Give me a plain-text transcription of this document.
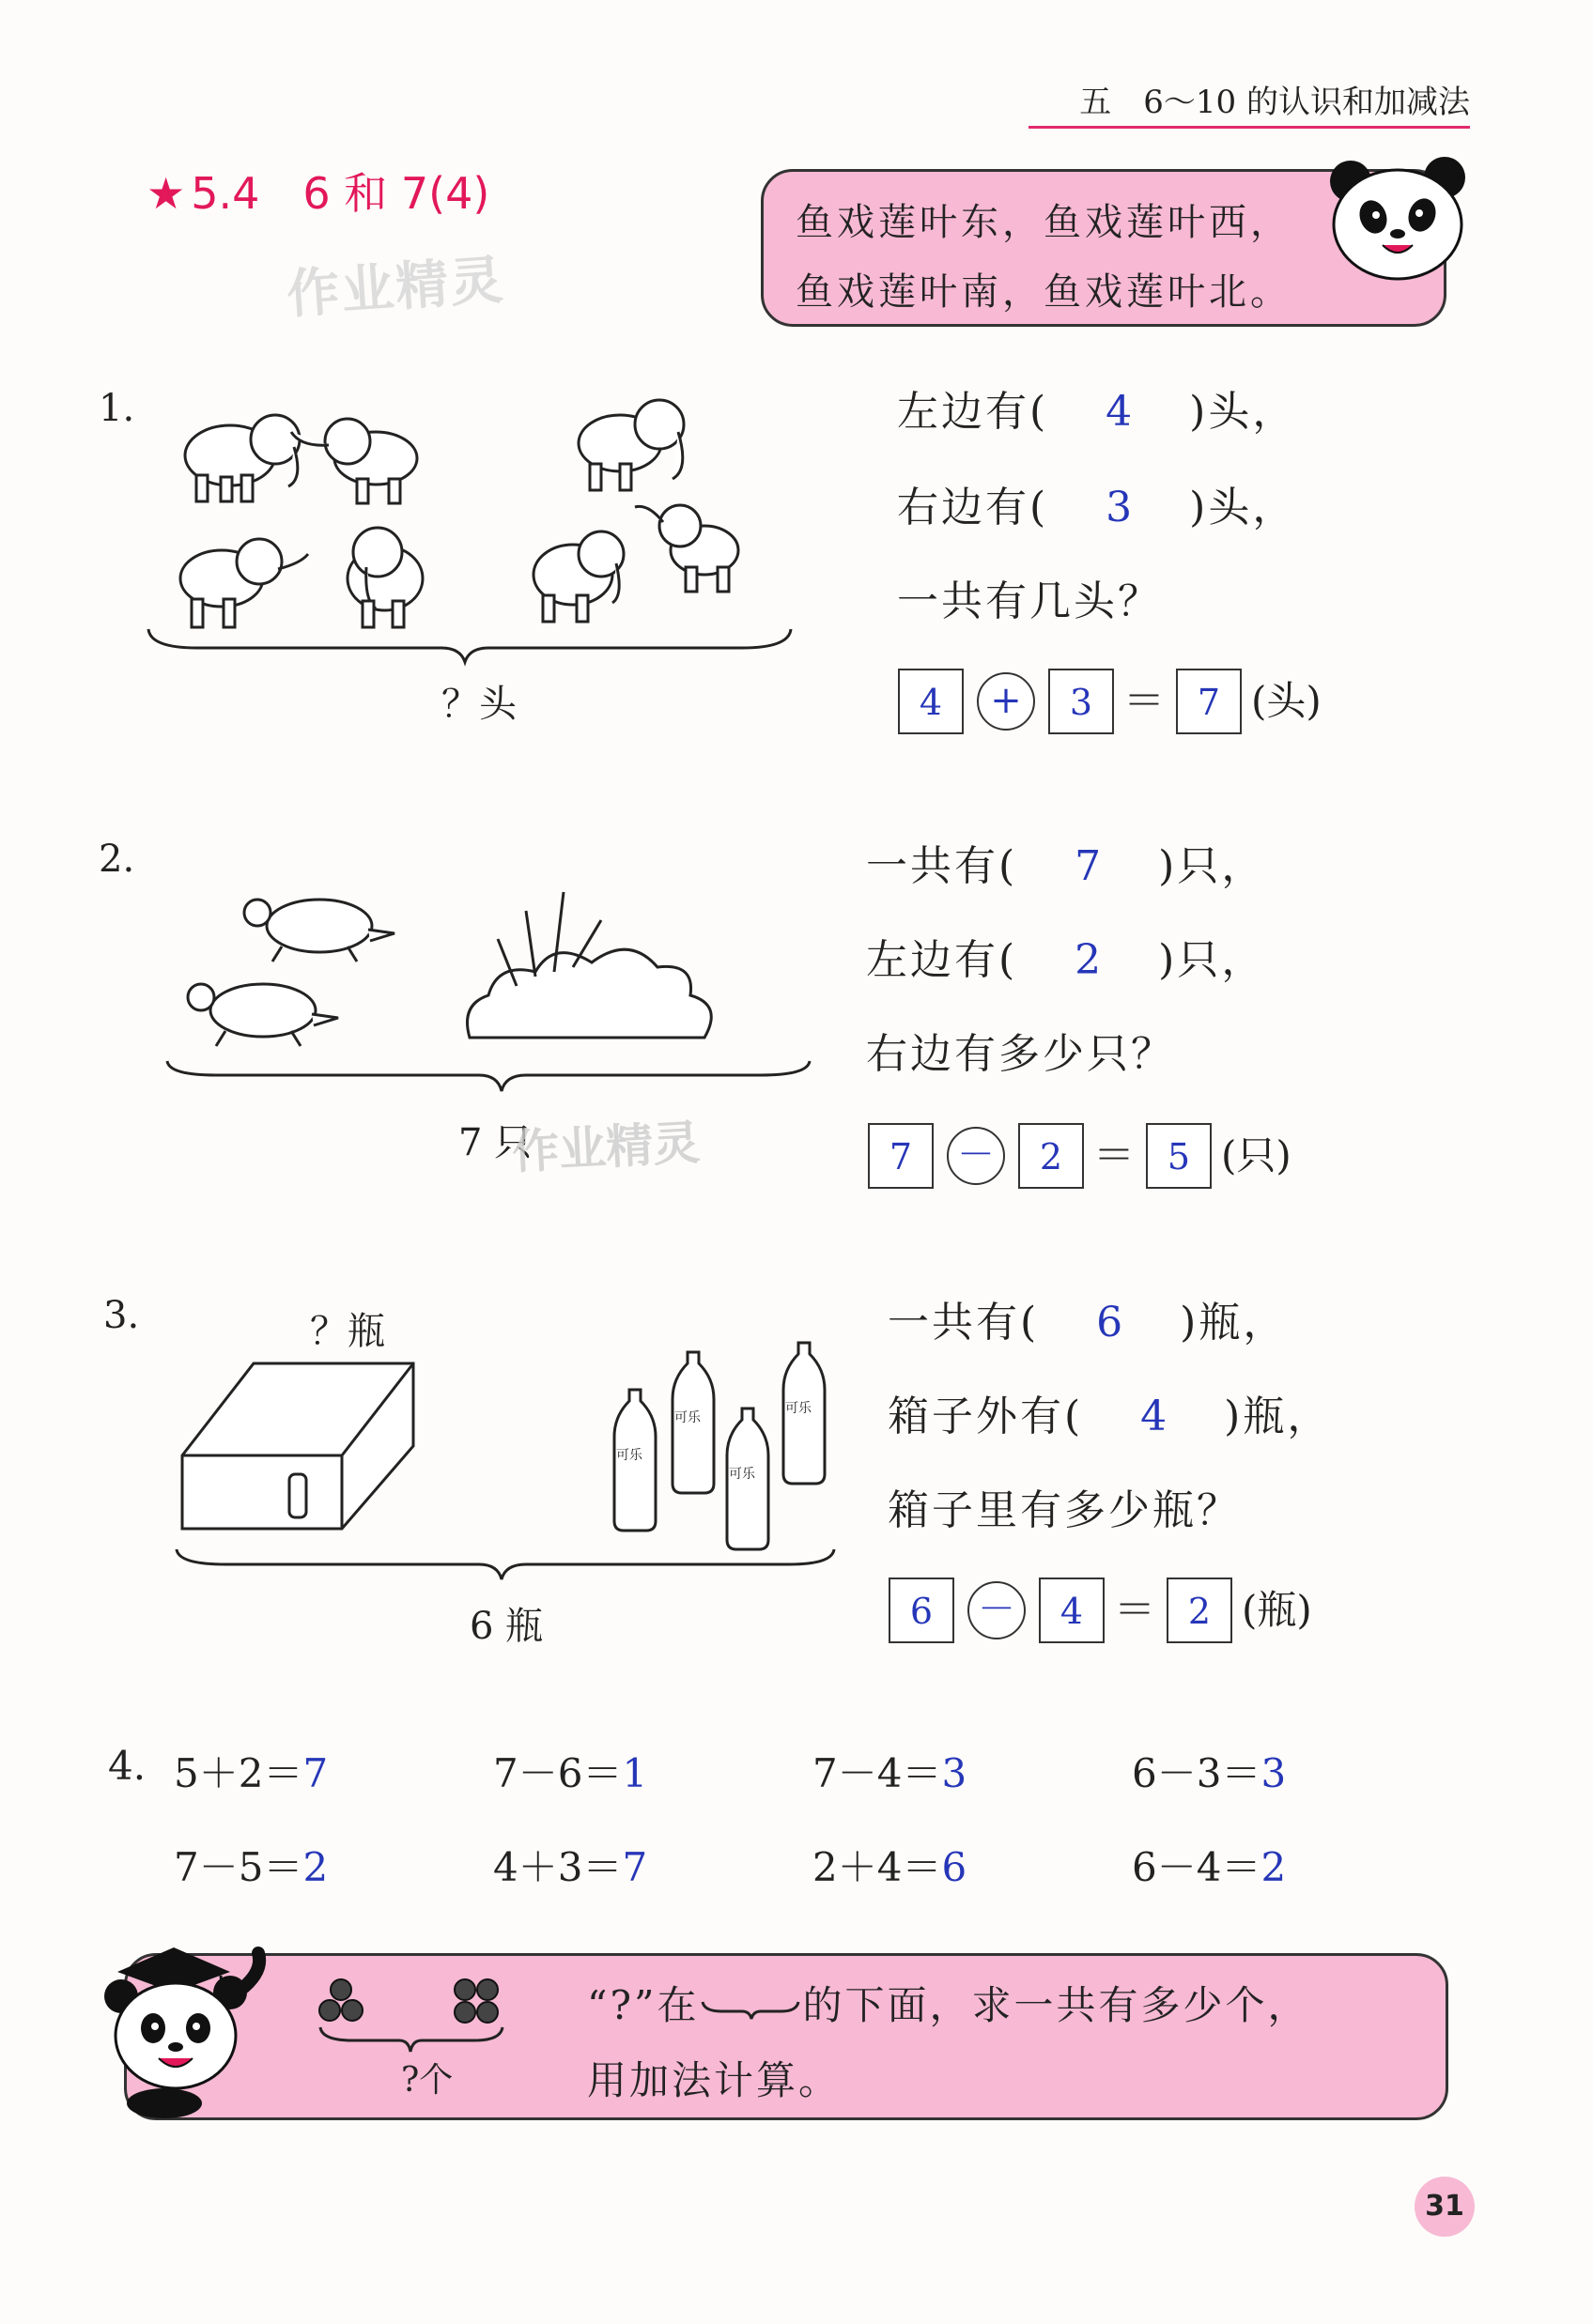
五　6～10 的认识和加减法
★ 5.4　6 和 7(4)
作业精灵
鱼戏莲叶东，鱼戏莲叶西，
鱼戏莲叶南，鱼戏莲叶北。
1.
？头
左边有( 4 )头，
右边有( 3 )头，
一共有几头？
4	+	3 ＝ 7 (头)
2.
7 只
作业精灵
一共有( 7 )只，
左边有( 2 )只，
右边有多少只？
7	－	2 ＝ 5 (只)
3.	？瓶
可乐
可乐
可乐
可乐
6 瓶
一共有( 6 )瓶，
箱子外有( 4 )瓶，
箱子里有多少瓶？
6	－	4 ＝ 2 (瓶)
4. 5＋2＝7	7－6＝1	7－4＝3	6－3＝3
7－5＝2	4＋3＝7	2＋4＝6	6－4＝2
?个
“?”在	的下面，求一共有多少个，
用加法计算。
31
